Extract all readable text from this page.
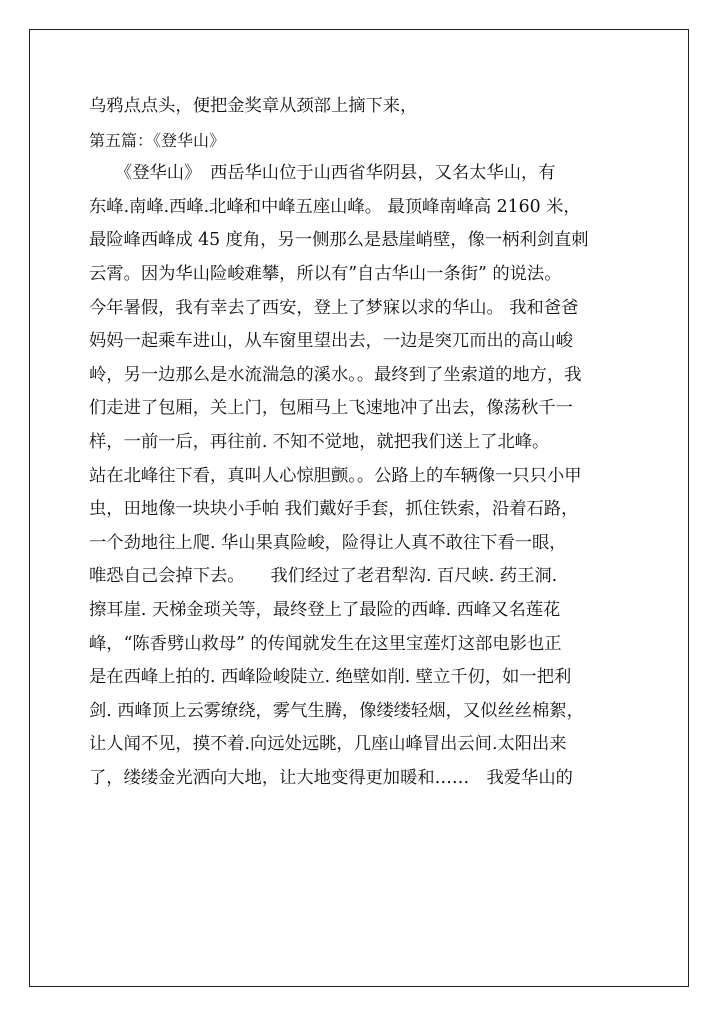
乌鸦点点头，便把金奖章从颈部上摘下来，
第五篇：《登华山》
　　《登华山》　西岳华山位于山西省华阴县，又名太华山，有
东峰.南峰.西峰.北峰和中峰五座山峰。 最顶峰南峰高 2160 米，
最险峰西峰成 45 度角，另一侧那么是悬崖峭壁，像一柄利剑直刺
云霄。因为华山险峻难攀，所以有”自古华山一条街” 的说法。
今年暑假，我有幸去了西安，登上了梦寐以求的华山。 我和爸爸
妈妈一起乘车进山，从车窗里望出去，一边是突兀而出的高山峻
岭，另一边那么是水流湍急的溪水。。最终到了坐索道的地方，我
们走进了包厢，关上门，包厢马上飞速地冲了出去，像荡秋千一
样，一前一后，再往前. 不知不觉地，就把我们送上了北峰。
站在北峰往下看，真叫人心惊胆颤。。公路上的车辆像一只只小甲
虫，田地像一块块小手帕 我们戴好手套，抓住铁索，沿着石路，
一个劲地往上爬. 华山果真险峻，险得让人真不敢往下看一眼，
唯恐自己会掉下去。　　我们经过了老君犁沟. 百尺峡. 药王洞.
擦耳崖. 天梯金琐关等，最终登上了最险的西峰. 西峰又名莲花
峰，“陈香劈山救母” 的传闻就发生在这里宝莲灯这部电影也正
是在西峰上拍的. 西峰险峻陡立. 绝壁如削. 壁立千仞，如一把利
剑. 西峰顶上云雾缭绕，雾气生腾，像缕缕轻烟，又似丝丝棉絮，
让人闻不见，摸不着.向远处远眺，几座山峰冒出云间.太阳出来
了，缕缕金光洒向大地，让大地变得更加暖和……　我爱华山的
